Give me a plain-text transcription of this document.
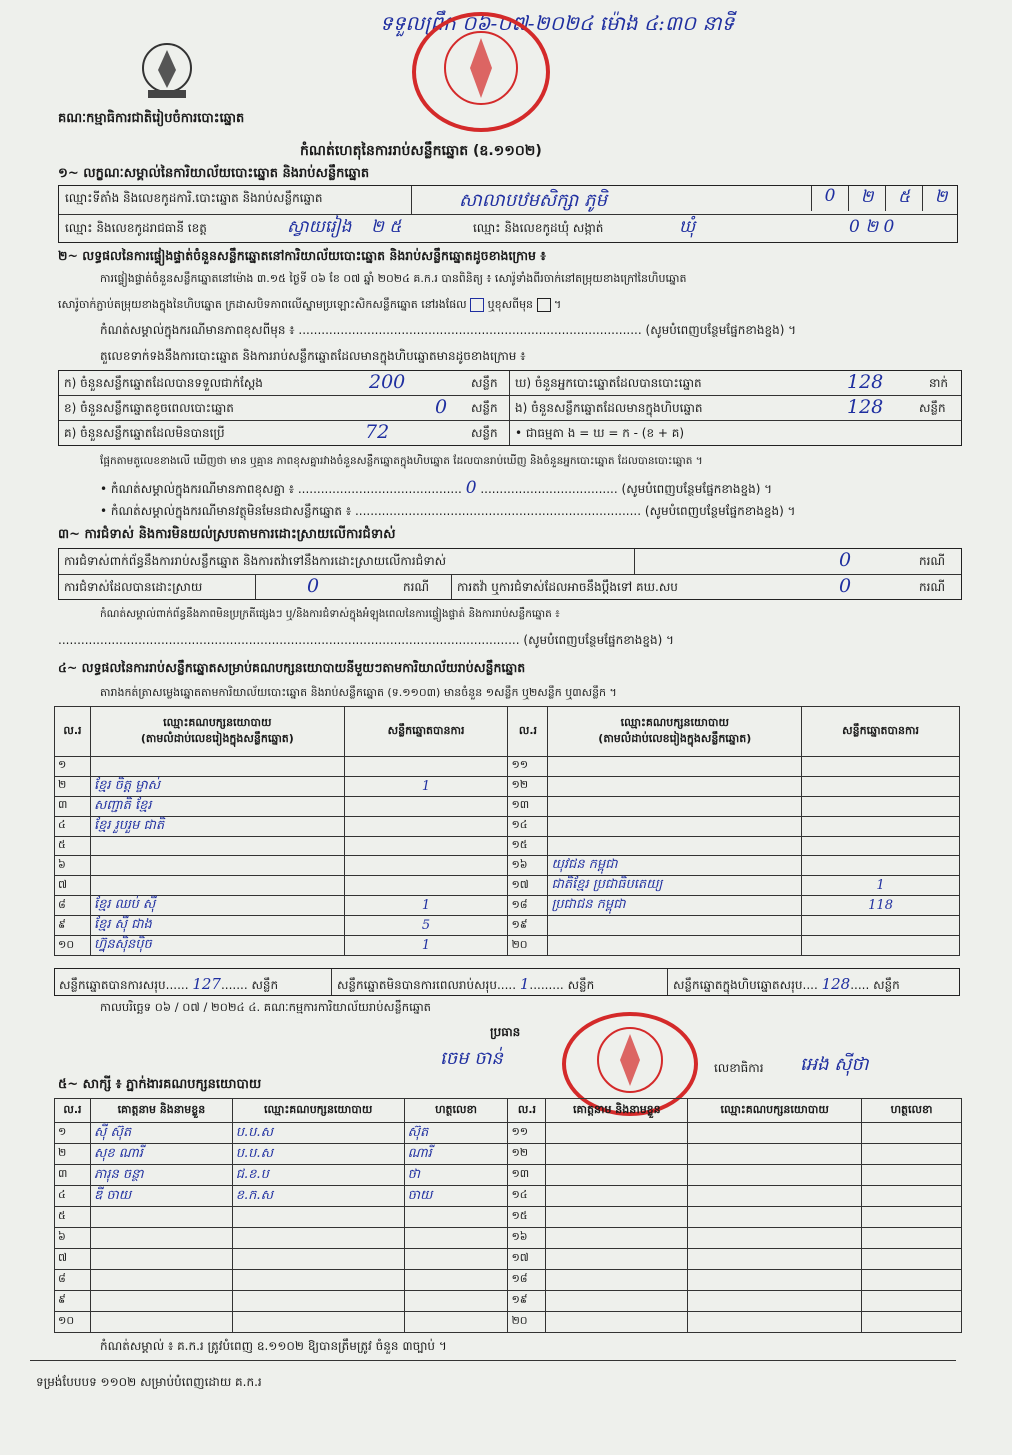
ទទួលព្រឹក ០៦-០៧-២០២៤ ម៉ោង ៤:៣០ នាទី
គណៈកម្មាធិការជាតិរៀបចំការបោះឆ្នោត
កំណត់ហេតុនៃការរាប់សន្លឹកឆ្នោត (ឧ.១១០២)
១~ លក្ខណៈសម្គាល់នៃការិយាល័យបោះឆ្នោត និងរាប់សន្លឹកឆ្នោត
ឈ្មោះទីតាំង និងលេខកូដការិ.បោះឆ្នោត និងរាប់សន្លឹកឆ្នោត	សាលាបឋមសិក្សា ភូមិ	0	២	៥	២
ឈ្មោះ និងលេខកូដរាជធានី ខេត្ត	ស្វាយរៀង ២ ៥	ឈ្មោះ និងលេខកូដឃុំ សង្កាត់	ឃុំ	0 ២ 0
២~ លទ្ធផលនៃការផ្ទៀងផ្ទាត់ចំនួនសន្លឹកឆ្នោតនៅការិយាល័យបោះឆ្នោត និងរាប់សន្លឹកឆ្នោតដូចខាងក្រោម ៖
ការផ្ទៀងផ្ទាត់ចំនួនសន្លឹកឆ្នោតនៅម៉ោង ៣.១៥ ថ្ងៃទី ០៦ ខែ ០៧ ឆ្នាំ ២០២៤ គ.ក.រ បានពិនិត្យ ៖ សោរ៉ូទាំងពីរចាក់នៅតម្រុយខាងក្រៅនៃហិបឆ្នោត
សោរ៉ូចាក់ភ្ជាប់តម្រុយខាងក្នុងនៃហិបឆ្នោត ក្រដាសបិទភាពលើស្នាមប្រឡោះសិកសន្លឹកឆ្នោត នៅរងផែល ឬខុសពីមុន  ។
កំណត់សម្គាល់ក្នុងករណីមានភាពខុសពីមុន ៖ .......................................................................................... (សូមបំពេញបន្ថែមផ្នែកខាងខ្នង) ។
តួលេខទាក់ទងនឹងការបោះឆ្នោត និងការរាប់សន្លឹកឆ្នោតដែលមានក្នុងហិបឆ្នោតមានដូចខាងក្រោម ៖
ក) ចំនួនសន្លឹកឆ្នោតដែលបានទទួលជាក់ស្តែង	200	សន្លឹក
ខ) ចំនួនសន្លឹកឆ្នោតខូចពេលបោះឆ្នោត	0 សន្លឹក
គ) ចំនួនសន្លឹកឆ្នោតដែលមិនបានប្រើ	72	សន្លឹក
ឃ) ចំនួនអ្នកបោះឆ្នោតដែលបានបោះឆ្នោត	128	នាក់
ង) ចំនួនសន្លឹកឆ្នោតដែលមានក្នុងហិបឆ្នោត	128	សន្លឹក
• ជាធម្មតា ង = ឃ = ក - (ខ + គ)
ផ្អែកតាមតួលេខខាងលើ ឃើញថា មាន ឬគ្មាន ភាពខុសគ្នារវាងចំនួនសន្លឹកឆ្នោតក្នុងហិបឆ្នោត ដែលបានរាប់ឃើញ និងចំនួនអ្នកបោះឆ្នោត ដែលបានបោះឆ្នោត ។
• កំណត់សម្គាល់ក្នុងករណីមានភាពខុសគ្នា ៖ ........................................... 0 .................................... (សូមបំពេញបន្ថែមផ្នែកខាងខ្នង) ។
• កំណត់សម្គាល់ក្នុងករណីមានវត្ថុមិនមែនជាសន្លឹកឆ្នោត ៖ ........................................................................... (សូមបំពេញបន្ថែមផ្នែកខាងខ្នង) ។
៣~ ការជំទាស់ និងការមិនយល់ស្របតាមការដោះស្រាយលើការជំទាស់
ការជំទាស់ពាក់ព័ន្ធនឹងការរាប់សន្លឹកឆ្នោត និងការតវ៉ាទៅនឹងការដោះស្រាយលើការជំទាស់	0	ករណី
ការជំទាស់ដែលបានដោះស្រាយ	0	ករណី ការតវ៉ា ឬការជំទាស់ដែលអាចនឹងប្តឹងទៅ គឃ.សប	0	ករណី
កំណត់សម្គាល់ពាក់ព័ន្ធនឹងភាពមិនប្រក្រតីផ្សេងៗ ឬ/និងការជំទាស់ក្នុងអំឡុងពេលនៃការផ្ទៀងផ្ទាត់ និងការរាប់សន្លឹកឆ្នោត ៖
......................................................................................................................... (សូមបំពេញបន្ថែមផ្នែកខាងខ្នង) ។
៤~ លទ្ធផលនៃការរាប់សន្លឹកឆ្នោតសម្រាប់គណបក្សនយោបាយនីមួយៗតាមការិយាល័យរាប់សន្លឹកឆ្នោត
តារាងកត់ត្រាសម្លេងឆ្នោតតាមការិយាល័យបោះឆ្នោត និងរាប់សន្លឹកឆ្នោត (ទ.១១០៣) មានចំនួន ១សន្លឹក ឬ២សន្លឹក ឬ៣សន្លឹក ។
ល.រ	ឈ្មោះគណបក្សនយោបាយ
(តាមលំដាប់លេខរៀងក្នុងសន្លឹកឆ្នោត)	សន្លឹកឆ្នោតបានការ	ល.រ	ឈ្មោះគណបក្សនយោបាយ
(តាមលំដាប់លេខរៀងក្នុងសន្លឹកឆ្នោត)	សន្លឹកឆ្នោតបានការ
១			១១		
២	ខ្មែរ ចិត្ត ម្ចាស់	1	១២		
៣	សញ្ជាតិ ខ្មែរ		១៣		
៤	ខ្មែរ រួបរួម ជាតិ		១៤		
៥			១៥		
៦			១៦	យុវជន កម្ពុជា	
៧			១៧	ជាតិខ្មែរ ប្រជាធិបតេយ្យ	1
៨	ខ្មែរ ឈប់ ស៊ី	1	១៨	ប្រជាជន កម្ពុជា	118
៩	ខ្មែរ ស៊ី ជាង	5	១៩		
១០	ហ្វ៊ុនស៊ិនប៉ិច	1	២០		
សន្លឹកឆ្នោតបានការសរុប...... 127....... សន្លឹក	សន្លឹកឆ្នោតមិនបានការពេលរាប់សរុប..... 1......... សន្លឹក	សន្លឹកឆ្នោតក្នុងហិបឆ្នោតសរុប.... 128..... សន្លឹក
កាលបរិច្ឆេទ ០៦ / ០៧ / ២០២៤ ៤. គណៈកម្មការការិយាល័យរាប់សន្លឹកឆ្នោត
ប្រធាន
ចេម ចាន់	លេខាធិការ អេង ស៊ីថា
៥~ សាក្សី ៖ ភ្នាក់ងារគណបក្សនយោបាយ
ល.រ	គោត្តនាម និងនាមខ្លួន	ឈ្មោះគណបក្សនយោបាយ	ហត្ថលេខា	ល.រ	គោត្តនាម និងនាមខ្លួន	ឈ្មោះគណបក្សនយោបាយ	ហត្ថលេខា
១	ស៊ី ស៊ុត	ប.ប.ស	ស៊ុត	១១			
២	សុខ ណារី	ប.ប.ស	ណារី	១២			
៣	ភារុន ចន្ថា	ជ.ខ.ប	ថា	១៣			
៤	ឌី ចាយ	ខ.ក.ស	ចាយ	១៤			
៥				១៥			
៦				១៦			
៧				១៧			
៨				១៨			
៩				១៩			
១០				២០			
កំណត់សម្គាល់ ៖ គ.ក.រ ត្រូវបំពេញ ឧ.១១០២ ឱ្យបានត្រឹមត្រូវ ចំនួន ៣ច្បាប់ ។
ទម្រង់បែបបទ ១១០២ សម្រាប់បំពេញដោយ គ.ក.រ
